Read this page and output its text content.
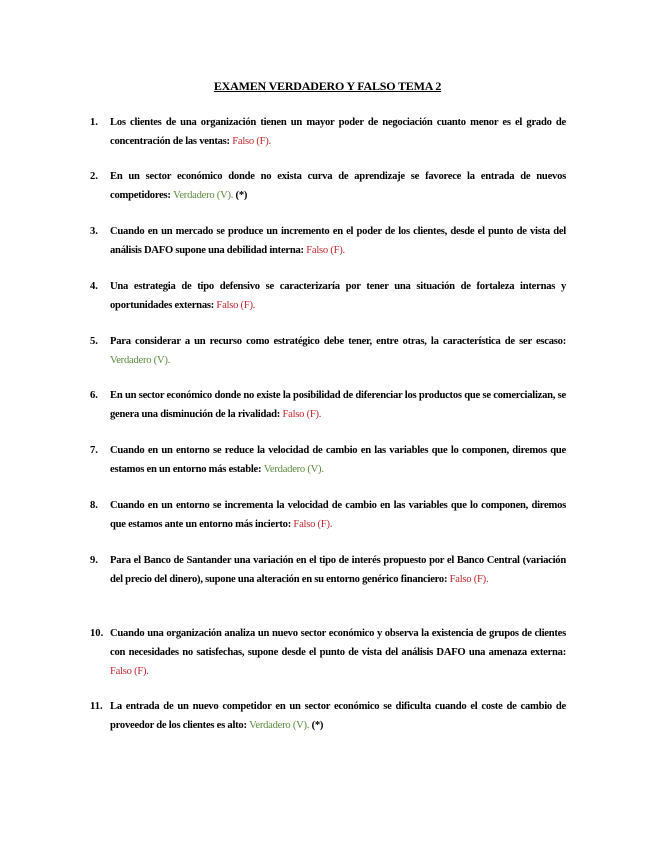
EXAMEN VERDADERO Y FALSO TEMA 2
1. Los clientes de una organización tienen un mayor poder de negociación cuanto menor es el grado de concentración de las ventas: Falso (F).
2. En un sector económico donde no exista curva de aprendizaje se favorece la entrada de nuevos competidores: Verdadero (V). (*)
3. Cuando en un mercado se produce un incremento en el poder de los clientes, desde el punto de vista del análisis DAFO supone una debilidad interna: Falso (F).
4. Una estrategia de tipo defensivo se caracterizaría por tener una situación de fortaleza internas y oportunidades externas: Falso (F).
5. Para considerar a un recurso como estratégico debe tener, entre otras, la característica de ser escaso: Verdadero (V).
6. En un sector económico donde no existe la posibilidad de diferenciar los productos que se comercializan, se genera una disminución de la rivalidad: Falso (F).
7. Cuando en un entorno se reduce la velocidad de cambio en las variables que lo componen, diremos que estamos en un entorno más estable: Verdadero (V).
8. Cuando en un entorno se incrementa la velocidad de cambio en las variables que lo componen, diremos que estamos ante un entorno más incierto: Falso (F).
9. Para el Banco de Santander una variación en el tipo de interés propuesto por el Banco Central (variación del precio del dinero), supone una alteración en su entorno genérico financiero: Falso (F).
10. Cuando una organización analiza un nuevo sector económico y observa la existencia de grupos de clientes con necesidades no satisfechas, supone desde el punto de vista del análisis DAFO una amenaza externa: Falso (F).
11. La entrada de un nuevo competidor en un sector económico se dificulta cuando el coste de cambio de proveedor de los clientes es alto: Verdadero (V). (*)
